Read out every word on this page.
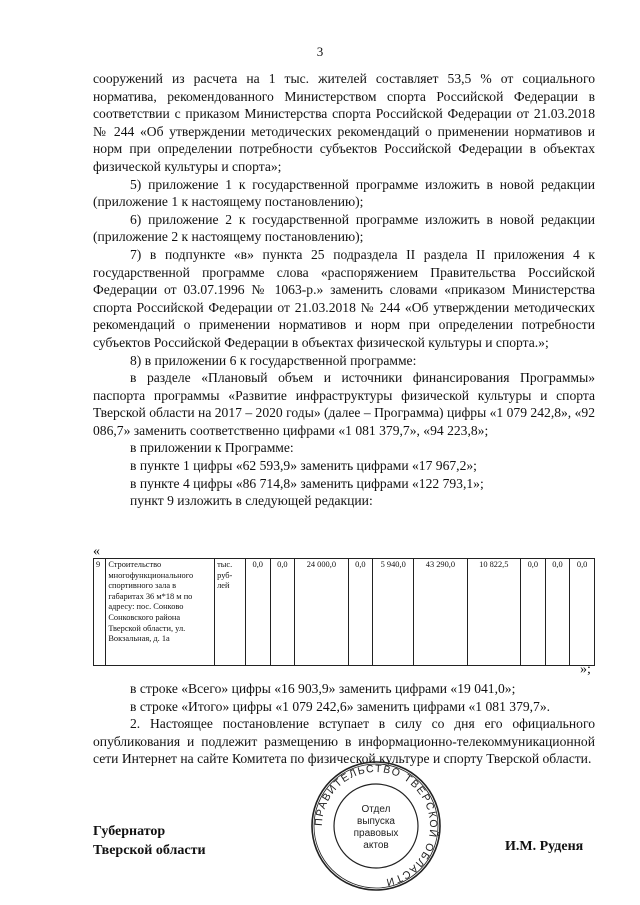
3

сооружений из расчета на 1 тыс. жителей составляет 53,5 % от социального норматива, рекомендованного Министерством спорта Российской Федерации в соответствии с приказом Министерства спорта Российской Федерации от 21.03.2018 № 244 «Об утверждении методических рекомендаций о применении нормативов и норм при определении потребности субъектов Российской Федерации в объектах физической культуры и спорта»;

5) приложение 1 к государственной программе изложить в новой редакции (приложение 1 к настоящему постановлению);

6) приложение 2 к государственной программе изложить в новой редакции (приложение 2 к настоящему постановлению);

7) в подпункте «в» пункта 25 подраздела II раздела II приложения 4 к государственной программе слова «распоряжением Правительства Российской Федерации от 03.07.1996 № 1063-р.» заменить словами «приказом Министерства спорта Российской Федерации от 21.03.2018 № 244 «Об утверждении методических рекомендаций о применении нормативов и норм при определении потребности субъектов Российской Федерации в объектах физической культуры и спорта.»;

8) в приложении 6 к государственной программе:

в разделе «Плановый объем и источники финансирования Программы» паспорта программы «Развитие инфраструктуры физической культуры и спорта Тверской области на 2017 – 2020 годы» (далее – Программа) цифры «1 079 242,8», «92 086,7» заменить соответственно цифрами «1 081 379,7», «94 223,8»;

в приложении к Программе:

в пункте 1 цифры «62 593,9» заменить цифрами «17 967,2»;

в пункте 4 цифры «86 714,8» заменить цифрами «122 793,1»;

пункт 9 изложить в следующей редакции:

«
9	Строительство многофункционального спортивного зала в габаритах 36 м*18 м по адресу: пос. Сонково Сонковского района Тверской области, ул. Вокзальная, д. 1а	тыс. руб-лей	0,0	0,0	24 000,0	0,0	5 940,0	43 290,0	10 822,5	0,0	0,0	0,0
»;

в строке «Всего» цифры «16 903,9» заменить цифрами «19 041,0»;

в строке «Итого» цифры «1 079 242,6» заменить цифрами «1 081 379,7».

2. Настоящее постановление вступает в силу со дня его официального опубликования и подлежит размещению в информационно-телекоммуникационной сети Интернет на сайте Комитета по физической культуре и спорту Тверской области.

ПРАВИТЕЛЬСТВО ТВЕРСКОЙ ОБЛАСТИ
Отдел
выпуска
правовых
актов
Губернатор
Тверской области	И.М. Руденя
